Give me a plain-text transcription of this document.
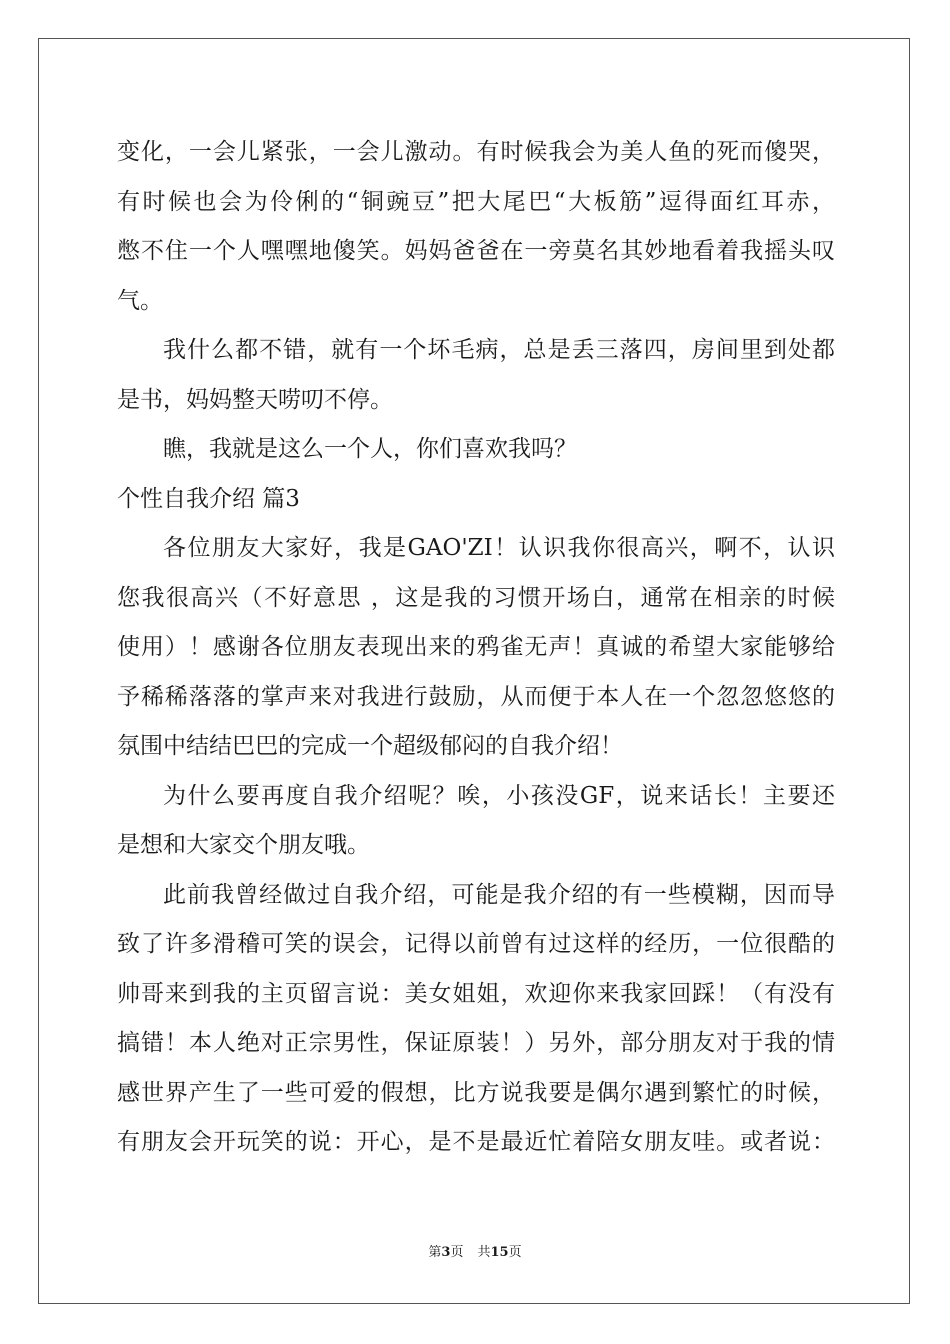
变化，一会儿紧张，一会儿激动。有时候我会为美人鱼的死而傻哭，
有时候也会为伶俐的“铜豌豆”把大尾巴“大板筋”逗得面红耳赤，
憋不住一个人嘿嘿地傻笑。妈妈爸爸在一旁莫名其妙地看着我摇头叹
气。
我什么都不错，就有一个坏毛病，总是丢三落四，房间里到处都
是书，妈妈整天唠叨不停。
瞧，我就是这么一个人，你们喜欢我吗？
个性自我介绍 篇3
各位朋友大家好，我是GAO'ZI！认识我你很高兴，啊不，认识
您我很高兴（不好意思 ，这是我的习惯开场白，通常在相亲的时候
使用）！感谢各位朋友表现出来的鸦雀无声！真诚的希望大家能够给
予稀稀落落的掌声来对我进行鼓励，从而便于本人在一个忽忽悠悠的
氛围中结结巴巴的完成一个超级郁闷的自我介绍！
为什么要再度自我介绍呢？唉，小孩没GF，说来话长！主要还
是想和大家交个朋友哦。
此前我曾经做过自我介绍，可能是我介绍的有一些模糊，因而导
致了许多滑稽可笑的误会，记得以前曾有过这样的经历，一位很酷的
帅哥来到我的主页留言说：美女姐姐，欢迎你来我家回踩！（有没有
搞错！本人绝对正宗男性，保证原装！）另外，部分朋友对于我的情
感世界产生了一些可爱的假想，比方说我要是偶尔遇到繁忙的时候，
有朋友会开玩笑的说：开心，是不是最近忙着陪女朋友哇。或者说：
第3页 共15页
